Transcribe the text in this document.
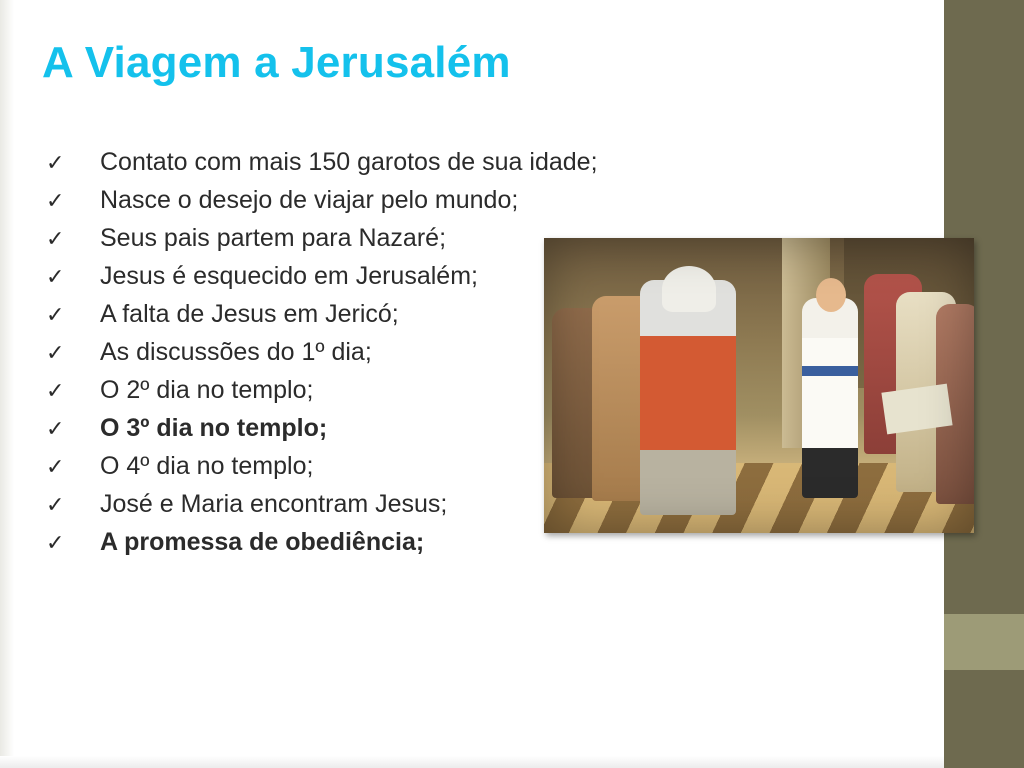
A Viagem a Jerusalém
✓	Contato com mais 150 garotos de sua idade;
✓	Nasce o desejo de viajar pelo mundo;
✓	Seus pais partem para Nazaré;
✓	Jesus é esquecido em Jerusalém;
✓	A falta de Jesus em Jericó;
✓	As discussões do 1º dia;
✓	O 2º dia no templo;
✓	O 3º dia no templo;
✓	O 4º dia no templo;
✓	José e Maria encontram Jesus;
✓	A promessa de obediência;
